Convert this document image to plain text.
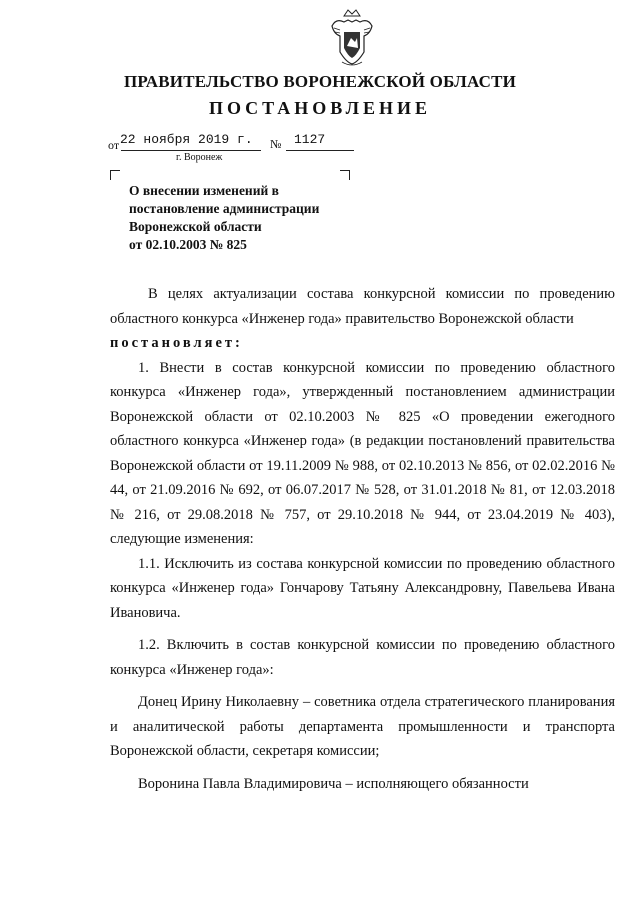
ПРАВИТЕЛЬСТВО ВОРОНЕЖСКОЙ ОБЛАСТИ
ПОСТАНОВЛЕНИЕ
от 22 ноября 2019 г.	№ 1127
г. Воронеж
О внесении изменений в
постановление администрации
Воронежской области
от 02.10.2003 № 825

В целях актуализации состава конкурсной комиссии по проведению областного конкурса «Инженер года» правительство Воронежской области

постановляет:

1. Внести в состав конкурсной комиссии по проведению областного конкурса «Инженер года», утвержденный постановлением администрации Воронежской области от 02.10.2003 № 825 «О проведении ежегодного областного конкурса «Инженер года» (в редакции постановлений правительства Воронежской области от 19.11.2009 № 988, от 02.10.2013 № 856, от 02.02.2016 № 44, от 21.09.2016 № 692, от 06.07.2017 № 528, от 31.01.2018 № 81, от 12.03.2018 № 216, от 29.08.2018 № 757, от 29.10.2018 № 944, от 23.04.2019 № 403), следующие изменения:

1.1. Исключить из состава конкурсной комиссии по проведению областного конкурса «Инженер года» Гончарову Татьяну Александровну, Павельева Ивана Ивановича.

1.2. Включить в состав конкурсной комиссии по проведению областного конкурса «Инженер года»:

Донец Ирину Николаевну – советника отдела стратегического планирования и аналитической работы департамента промышленности и транспорта Воронежской области, секретаря комиссии;

Воронина Павла Владимировича – исполняющего обязанности
